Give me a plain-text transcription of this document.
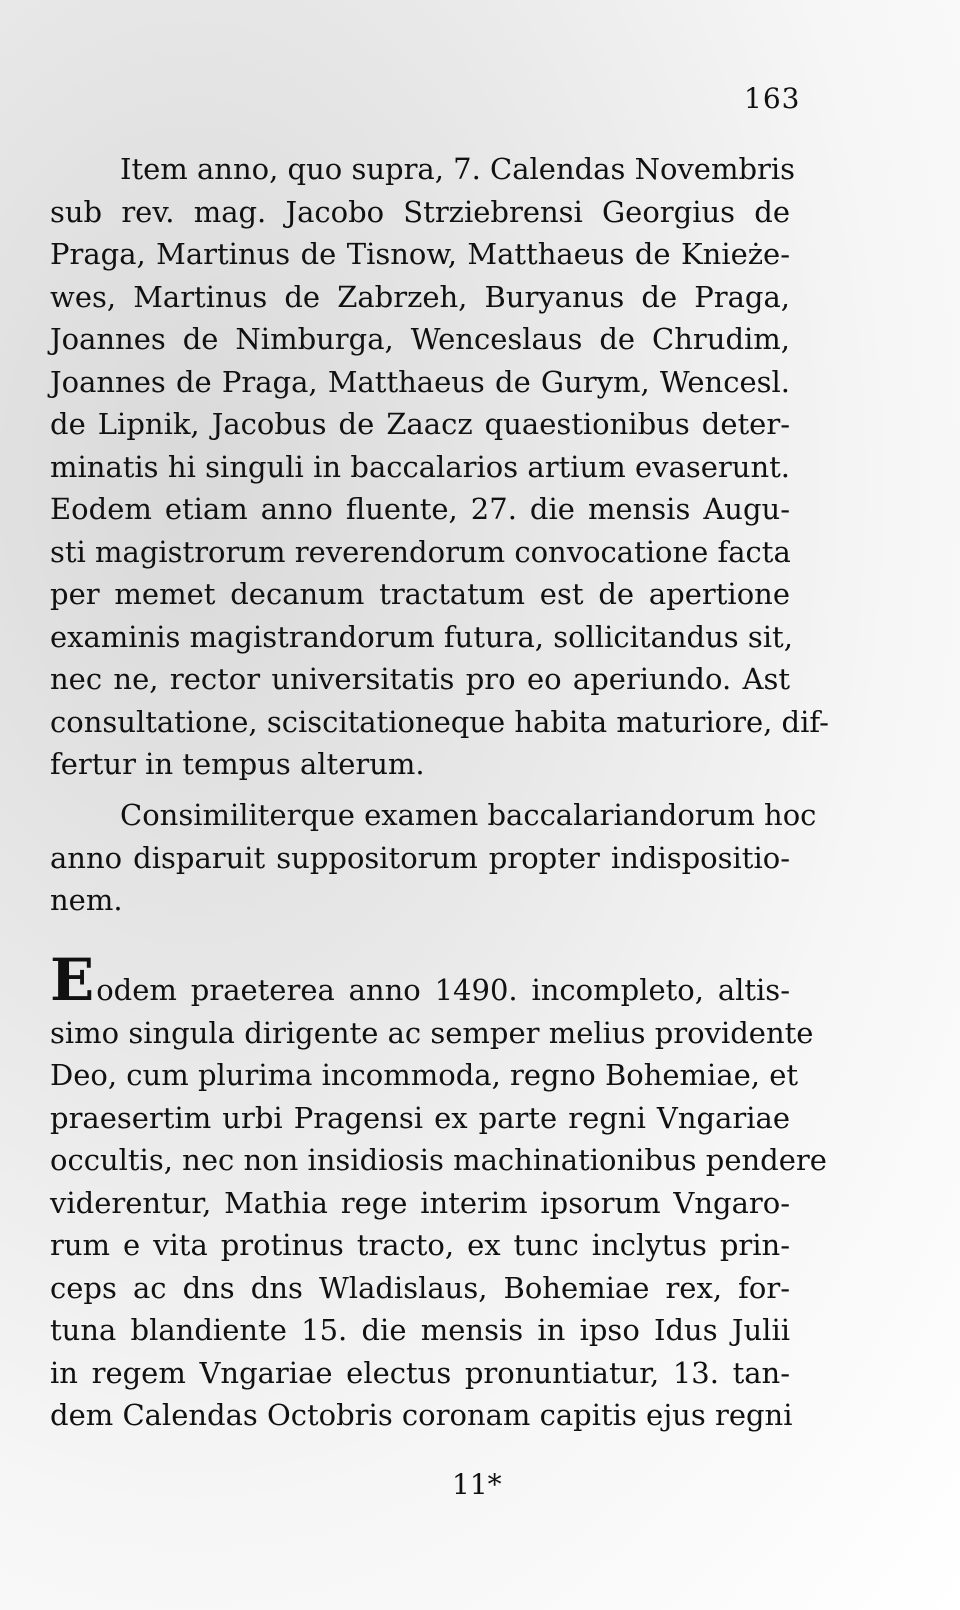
163
Item anno, quo supra, 7. Calendas Novembris
sub rev. mag. Jacobo Strziebrensi Georgius de
Praga, Martinus de Tisnow, Matthaeus de Knieże-
wes, Martinus de Zabrzeh, Buryanus de Praga,
Joannes de Nimburga, Wenceslaus de Chrudim,
Joannes de Praga, Matthaeus de Gurym, Wencesl.
de Lipnik, Jacobus de Zaacz quaestionibus deter-
minatis hi singuli in baccalarios artium evaserunt.
Eodem etiam anno fluente, 27. die mensis Augu-
sti magistrorum reverendorum convocatione facta
per memet decanum tractatum est de apertione
examinis magistrandorum futura, sollicitandus sit,
nec ne, rector universitatis pro eo aperiundo. Ast
consultatione, sciscitationeque habita maturiore, dif-
fertur in tempus alterum.
Consimiliterque examen baccalariandorum hoc
anno disparuit suppositorum propter indispositio-
nem.
E odem praeterea anno 1490. incompleto, altis-
simo singula dirigente ac semper melius providente
Deo, cum plurima incommoda, regno Bohemiae, et
praesertim urbi Pragensi ex parte regni Vngariae
occultis, nec non insidiosis machinationibus pendere
viderentur, Mathia rege interim ipsorum Vngaro-
rum e vita protinus tracto, ex tunc inclytus prin-
ceps ac dns dns Wladislaus, Bohemiae rex, for-
tuna blandiente 15. die mensis in ipso Idus Julii
in regem Vngariae electus pronuntiatur, 13. tan-
dem Calendas Octobris coronam capitis ejus regni
11*
